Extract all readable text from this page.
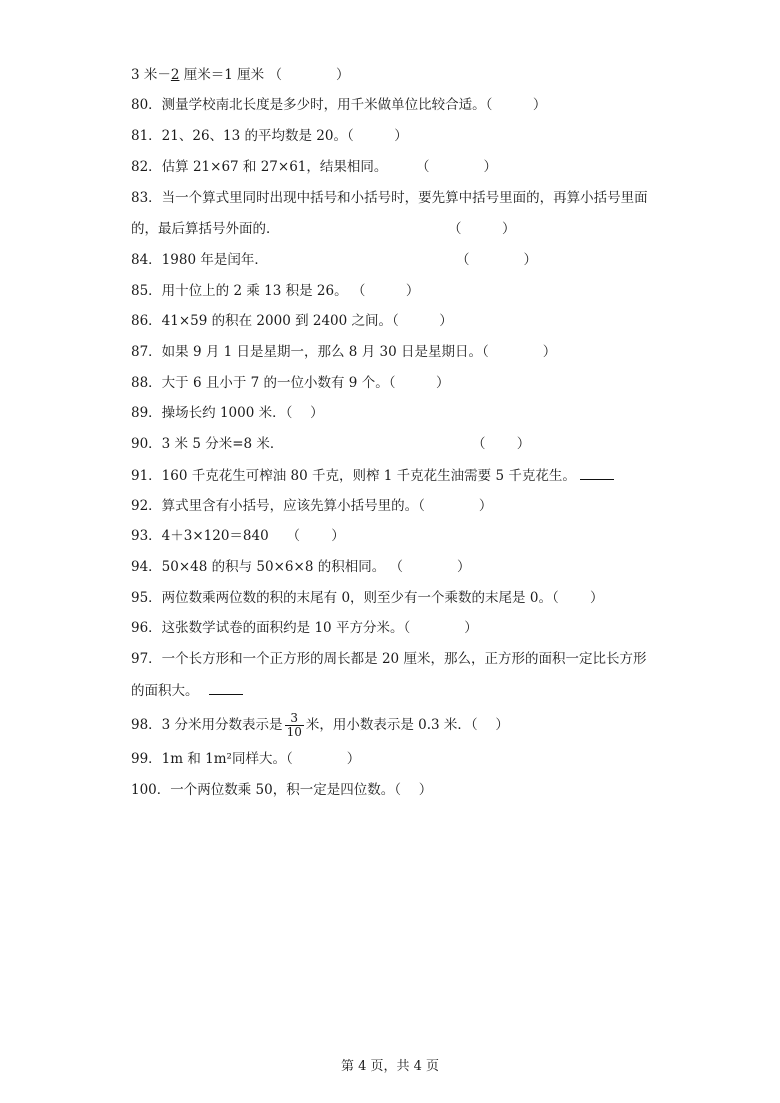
3 米－2 厘米＝1 厘米 （　　　　）
80．测量学校南北长度是多少时，用千米做单位比较合适。（　　　）
81．21、26、13 的平均数是 20。（　　　）
82．估算 21×67 和 27×61，结果相同。 （　　　　）
83．当一个算式里同时出现中括号和小括号时，要先算中括号里面的，再算小括号里面
的，最后算括号外面的．	（　　　）
84．1980 年是闰年．	（　　　　）
85．用十位上的 2 乘 13 积是 26。 （　　　）
86．41×59 的积在 2000 到 2400 之间。（　　　）
87．如果 9 月 1 日是星期一，那么 8 月 30 日是星期日。（　　　　）
88．大于 6 且小于 7 的一位小数有 9 个。（　　　）
89．操场长约 1000 米．（　 ）
90．3 米 5 分米=8 米．	（　　 ）
91．160 千克花生可榨油 80 千克，则榨 1 千克花生油需要 5 千克花生。
92．算式里含有小括号，应该先算小括号里的。（　　　　）
93．4＋3×120＝840　 （　　 ）
94．50×48 的积与 50×6×8 的积相同。 （　　　　）
95．两位数乘两位数的积的末尾有 0，则至少有一个乘数的末尾是 0。（　　 ）
96．这张数学试卷的面积约是 10 平方分米。（　　　　）
97．一个长方形和一个正方形的周长都是 20 厘米，那么，正方形的面积一定比长方形
的面积大。
98．3 分米用分数表示是 $\frac{3}{10}$ 米，用小数表示是 0.3 米．（　 ）
99．1m 和 1m²同样大。（　　　　）
100．一个两位数乘 50，积一定是四位数。（　 ）
第 4 页，共 4 页
